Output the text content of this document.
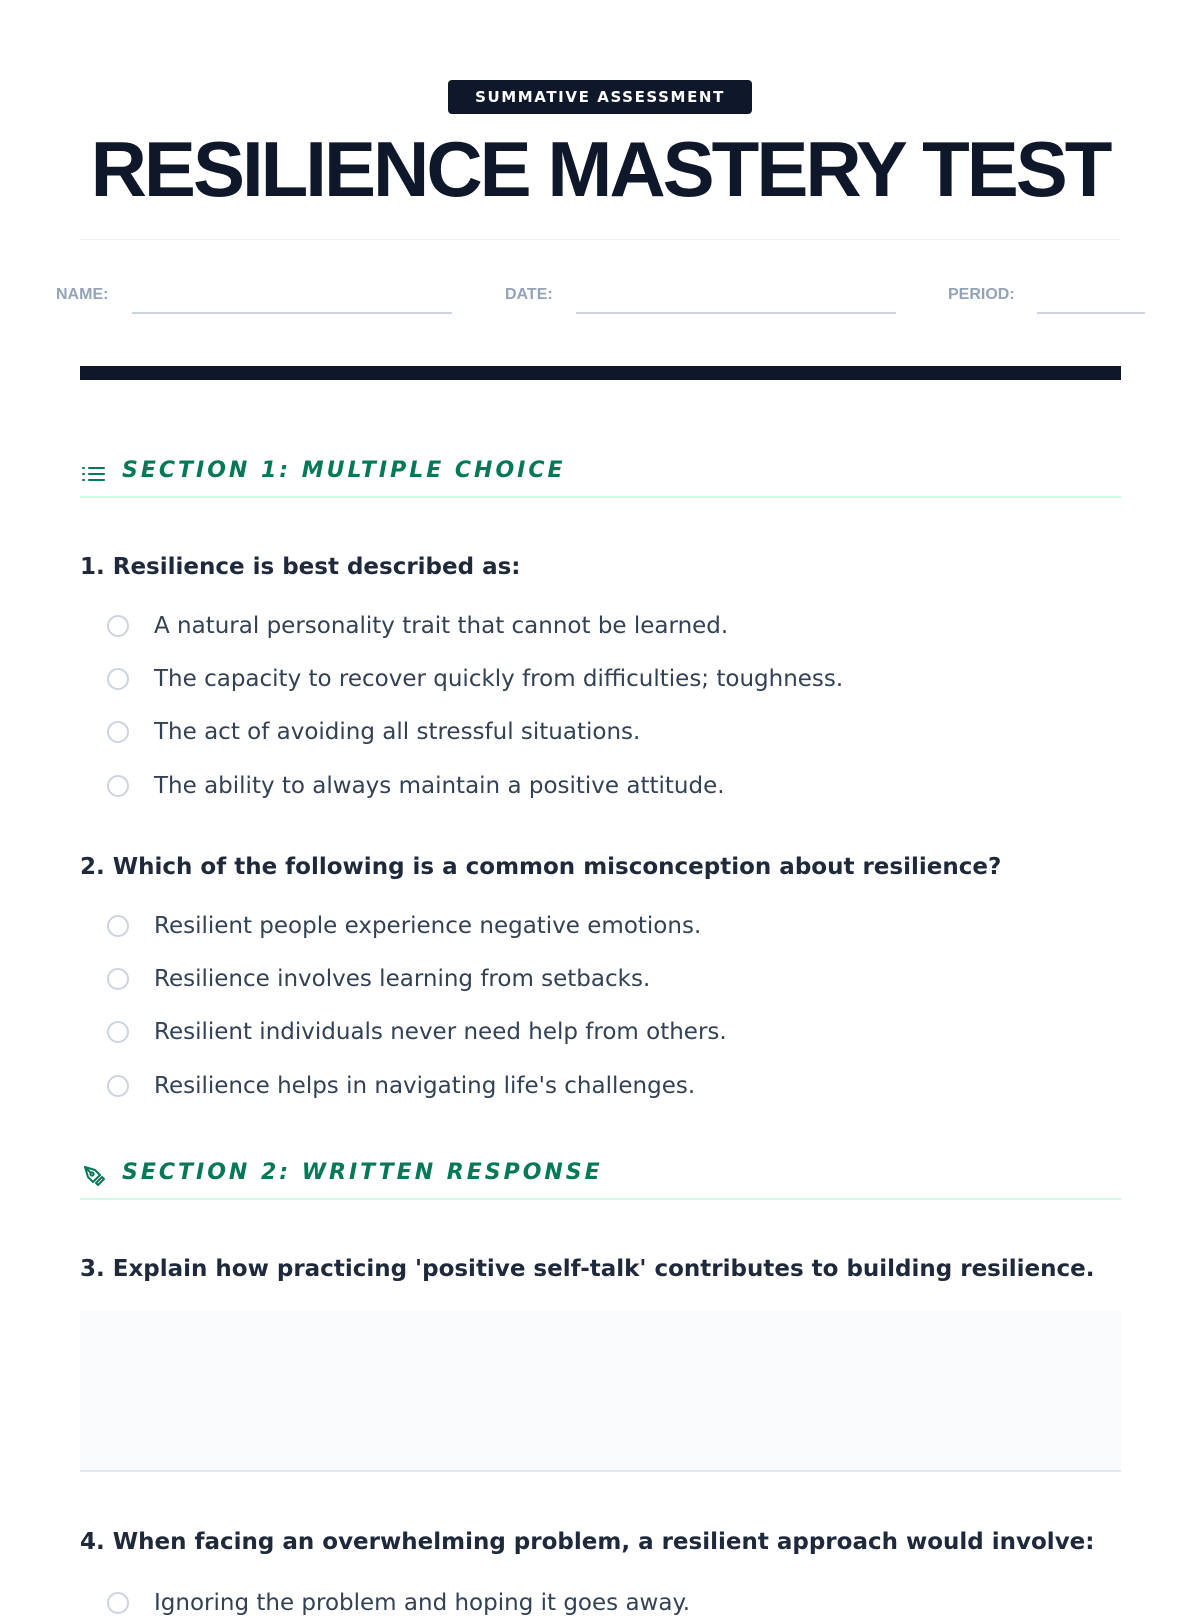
SUMMATIVE ASSESSMENT
RESILIENCE MASTERY TEST
NAME:	DATE:	PERIOD:
SECTION 1: MULTIPLE CHOICE
1. Resilience is best described as:
A natural personality trait that cannot be learned.
The capacity to recover quickly from difficulties; toughness.
The act of avoiding all stressful situations.
The ability to always maintain a positive attitude.
2. Which of the following is a common misconception about resilience?
Resilient people experience negative emotions.
Resilience involves learning from setbacks.
Resilient individuals never need help from others.
Resilience helps in navigating life's challenges.
SECTION 2: WRITTEN RESPONSE
3. Explain how practicing 'positive self-talk' contributes to building resilience.
4. When facing an overwhelming problem, a resilient approach would involve:
Ignoring the problem and hoping it goes away.
